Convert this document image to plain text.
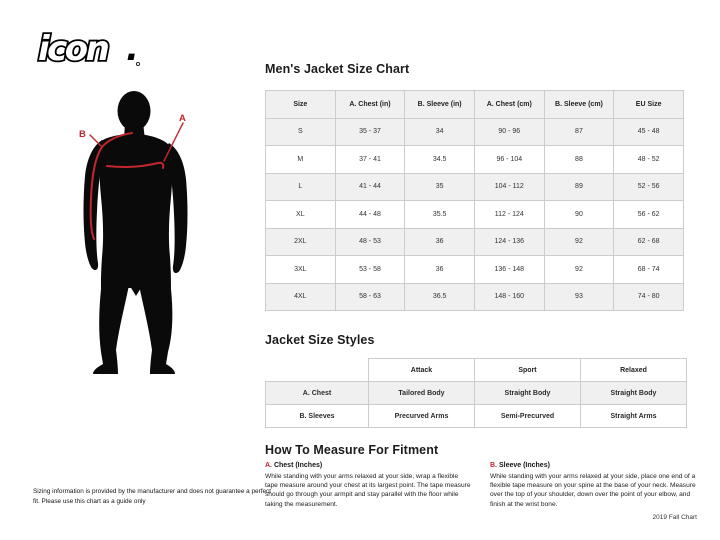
icon .
A
B
Men's Jacket Size Chart
Size	A. Chest (in)	B. Sleeve (in)	A. Chest (cm)	B. Sleeve (cm)	EU Size
S	35 - 37	34	90 - 96	87	45 - 48
M	37 - 41	34.5	96 - 104	88	48 - 52
L	41 - 44	35	104 - 112	89	52 - 56
XL	44 - 48	35.5	112 - 124	90	56 - 62
2XL	48 - 53	36	124 - 136	92	62 - 68
3XL	53 - 58	36	136 - 148	92	68 - 74
4XL	58 - 63	36.5	148 - 160	93	74 - 80
Jacket Size Styles
	Attack	Sport	Relaxed
A. Chest	Tailored Body	Straight Body	Straight Body
B. Sleeves	Precurved Arms	Semi-Precurved	Straight Arms
How To Measure For Fitment
A. Chest (Inches)
While standing with your arms relaxed at your side, wrap a flexible tape measure around your chest at its largest point. The tape measure should go through your armpit and stay parallel with the floor while taking the measurement.
B. Sleeve (Inches)
While standing with your arms relaxed at your side, place one end of a flexible tape measure on your spine at the base of your neck. Measure over the top of your shoulder, down over the point of your elbow, and finish at the wrist bone.
Sizing information is provided by the manufacturer and does not guarantee a perfect fit. Please use this chart as a guide only
2019 Fall Chart
